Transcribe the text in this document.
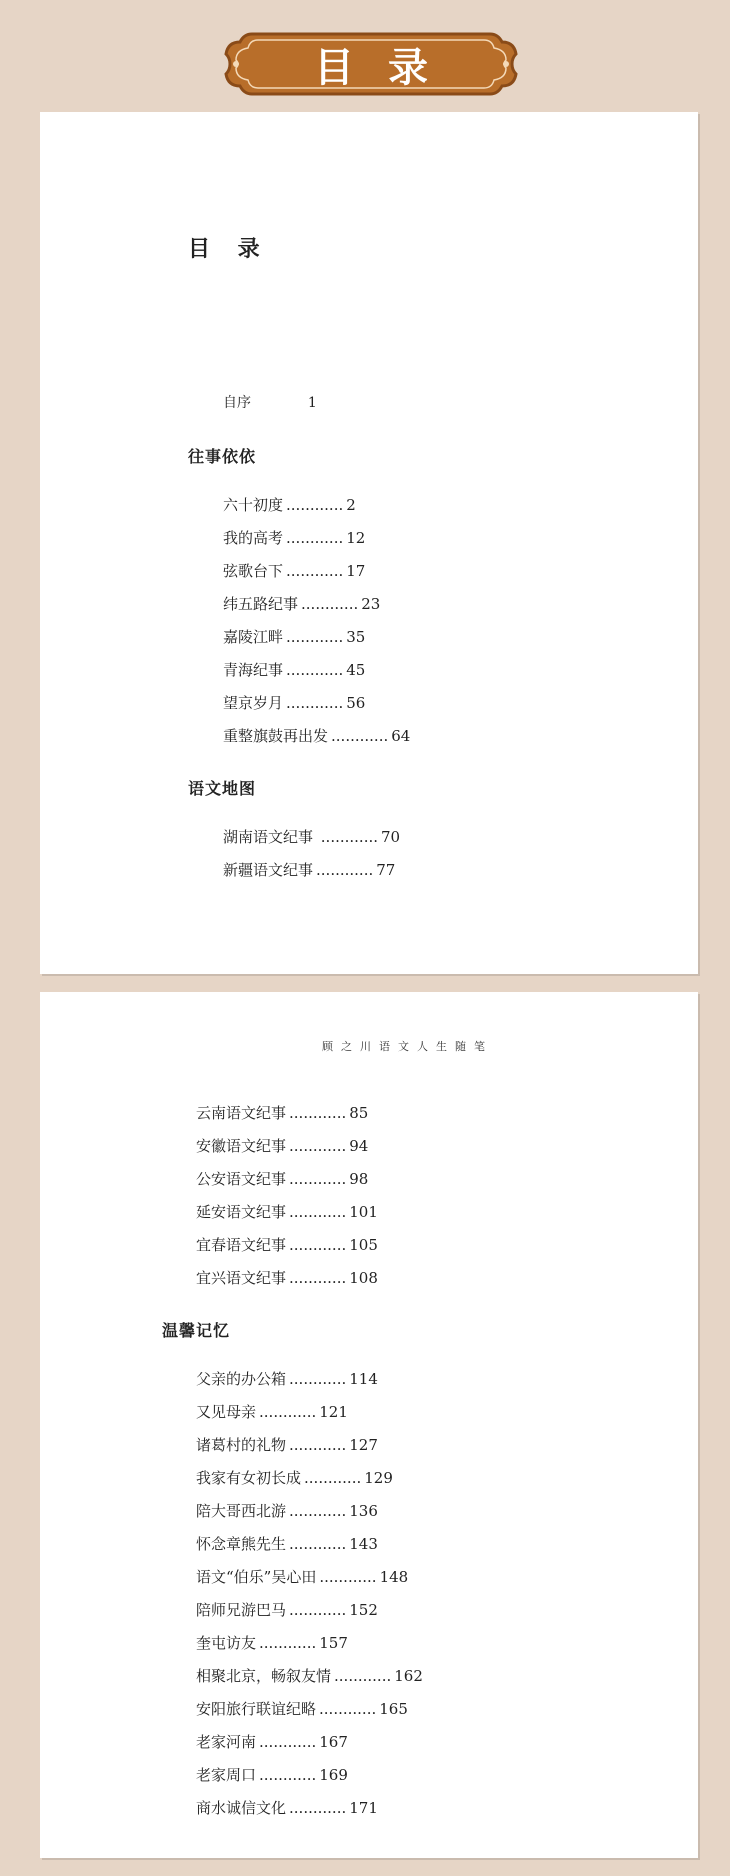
目录
目 录
自序	1
往事依依
六十初度 ............ 2
我的高考 ............ 12
弦歌台下 ............ 17
纬五路纪事 ............ 23
嘉陵江畔 ............ 35
青海纪事 ............ 45
望京岁月 ............ 56
重整旗鼓再出发 ............ 64
语文地图
湖南语文纪事 ............ 70
新疆语文纪事 ............ 77
顾之川语文人生随笔
云南语文纪事 ............ 85
安徽语文纪事 ............ 94
公安语文纪事 ............ 98
延安语文纪事 ............ 101
宜春语文纪事 ............ 105
宜兴语文纪事 ............ 108
温馨记忆
父亲的办公箱 ............ 114
又见母亲 ............ 121
诸葛村的礼物 ............ 127
我家有女初长成 ............ 129
陪大哥西北游 ............ 136
怀念章熊先生 ............ 143
语文“伯乐”吴心田 ............ 148
陪师兄游巴马 ............ 152
奎屯访友 ............ 157
相聚北京，畅叙友情 ............ 162
安阳旅行联谊纪略 ............ 165
老家河南 ............ 167
老家周口 ............ 169
商水诚信文化 ............ 171
